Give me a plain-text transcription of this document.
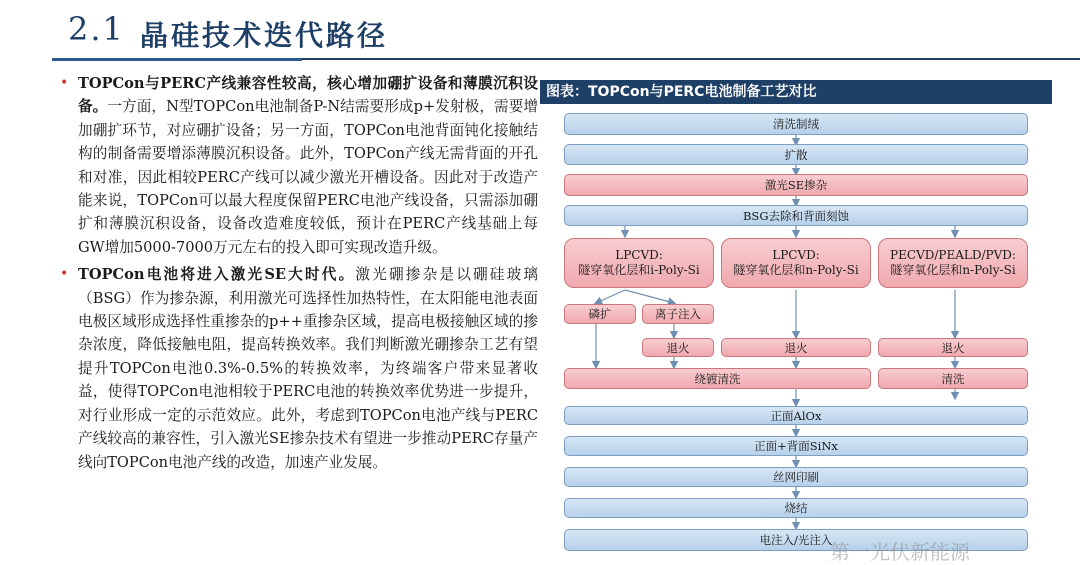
2.1 晶硅技术迭代路径

• TOPCon与PERC产线兼容性较高，核心增加硼扩设备和薄膜沉积设备。一方面，N型TOPCon电池制备P-N结需要形成p+发射极，需要增加硼扩环节，对应硼扩设备；另一方面，TOPCon电池背面钝化接触结构的制备需要增添薄膜沉积设备。此外，TOPCon产线无需背面的开孔和对准，因此相较PERC产线可以减少激光开槽设备。因此对于改造产能来说，TOPCon可以最大程度保留PERC电池产线设备，只需添加硼扩和薄膜沉积设备，设备改造难度较低，预计在PERC产线基础上每GW增加5000-7000万元左右的投入即可实现改造升级。

• TOPCon电池将进入激光SE大时代。激光硼掺杂是以硼硅玻璃（BSG）作为掺杂源，利用激光可选择性加热特性，在太阳能电池表面电极区域形成选择性重掺杂的p++重掺杂区域，提高电极接触区域的掺杂浓度，降低接触电阻，提高转换效率。我们判断激光硼掺杂工艺有望提升TOPCon电池0.3%-0.5%的转换效率，为终端客户带来显著收益，使得TOPCon电池相较于PERC电池的转换效率优势进一步提升，对行业形成一定的示范效应。此外，考虑到TOPCon电池产线与PERC产线较高的兼容性，引入激光SE掺杂技术有望进一步推动PERC存量产线向TOPCon电池产线的改造，加速产业发展。

图表：TOPCon与PERC电池制备工艺对比
清洗制绒
扩散
激光SE掺杂
BSG去除和背面刻蚀
LPCVD:
隧穿氧化层和i-Poly-Si
LPCVD:
隧穿氧化层和n-Poly-Si
PECVD/PEALD/PVD:
隧穿氧化层和n-Poly-Si
磷扩	离子注入
退火	退火	退火
绕镀清洗	清洗
正面AlOx
正面+背面SiNx
丝网印刷
烧结
电注入/光注入
第一光伏新能源
